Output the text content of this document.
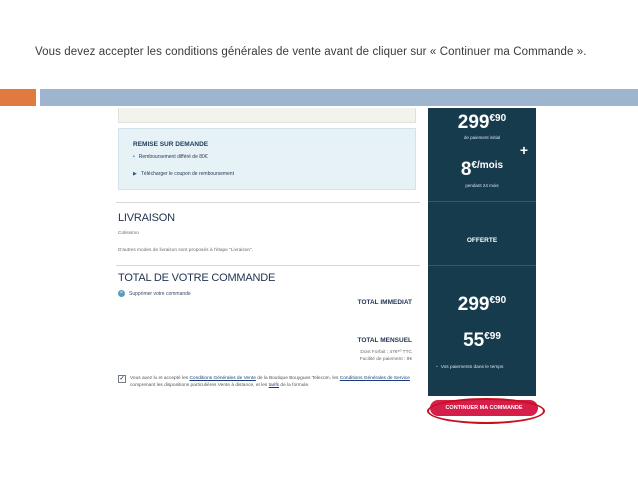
Vous devez accepter les conditions générales de vente avant de cliquer sur « Continuer ma Commande ».
REMISE SUR DEMANDE
• Remboursement différé de 80€
▶ Télécharger le coupon de remboursement
LIVRAISON
Colissimo
D'autres modes de livraison sont proposés à l'étape "Livraison".
TOTAL DE VOTRE COMMANDE
× Supprimer votre commande
TOTAL IMMEDIAT
TOTAL MENSUEL
Dont Forfait : 47€⁸⁰ TTC
Facilité de paiement : 8€
✓	Vous avez lu et accepté les Conditions Générales de Vente de la Boutique Bouygues Telecom, les Conditions Générales de Service comprenant les dispositions particulières Vente à distance, et les tarifs de la formule.
$299^{€90}$
de paiement initial
+
$8^{€/mois}$
pendant 24 mois
OFFERTE
$299^{€90}$
$55^{€99}$
• Vos paiements dans le temps
CONTINUER MA COMMANDE
